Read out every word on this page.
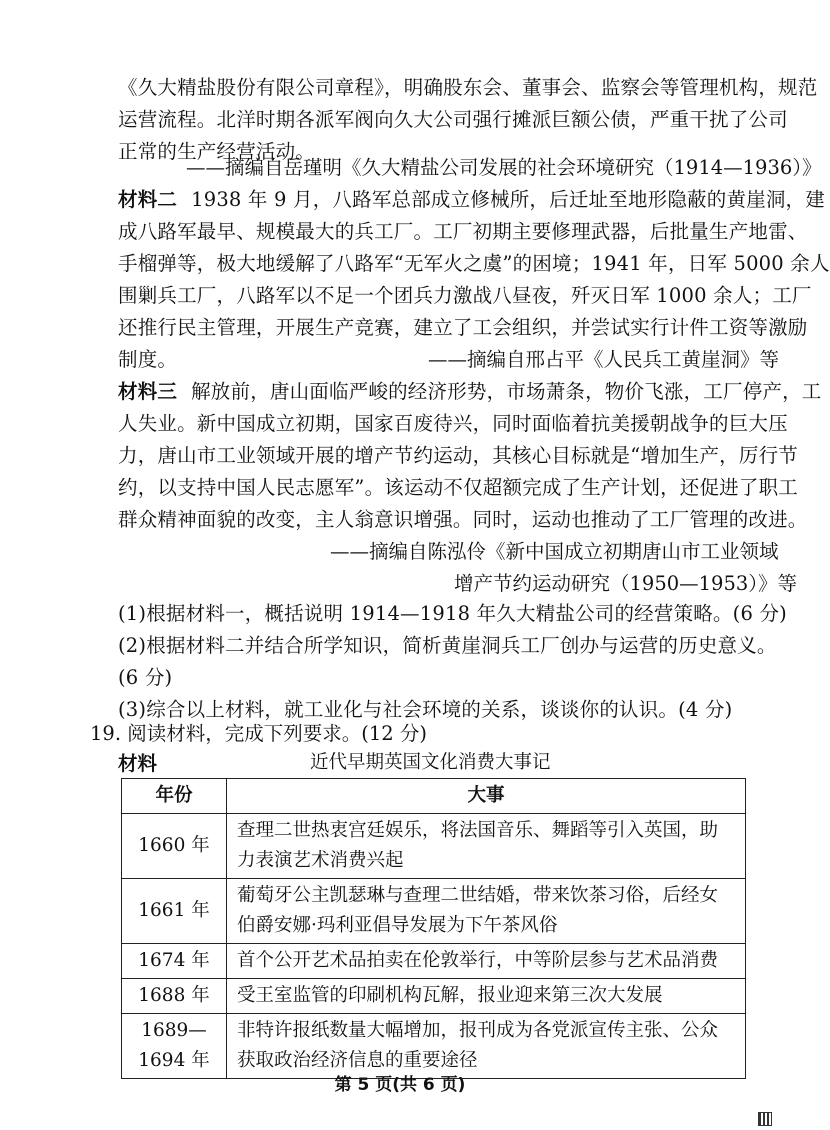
《久大精盐股份有限公司章程》，明确股东会、董事会、监察会等管理机构，规范
运营流程。北洋时期各派军阀向久大公司强行摊派巨额公债，严重干扰了公司
正常的生产经营活动。
——摘编自岳瑾明《久大精盐公司发展的社会环境研究（1914—1936）》
材料二 1938 年 9 月，八路军总部成立修械所，后迁址至地形隐蔽的黄崖洞，建
成八路军最早、规模最大的兵工厂。工厂初期主要修理武器，后批量生产地雷、
手榴弹等，极大地缓解了八路军“无军火之虞”的困境；1941 年，日军 5000 余人
围剿兵工厂，八路军以不足一个团兵力激战八昼夜，歼灭日军 1000 余人；工厂
还推行民主管理，开展生产竞赛，建立了工会组织，并尝试实行计件工资等激励
制度。	——摘编自邢占平《人民兵工黄崖洞》等
材料三 解放前，唐山面临严峻的经济形势，市场萧条，物价飞涨，工厂停产，工
人失业。新中国成立初期，国家百废待兴，同时面临着抗美援朝战争的巨大压
力，唐山市工业领域开展的增产节约运动，其核心目标就是“增加生产，厉行节
约，以支持中国人民志愿军”。该运动不仅超额完成了生产计划，还促进了职工
群众精神面貌的改变，主人翁意识增强。同时，运动也推动了工厂管理的改进。
——摘编自陈泓伶《新中国成立初期唐山市工业领域
增产节约运动研究（1950—1953）》等
(1)根据材料一，概括说明 1914—1918 年久大精盐公司的经营策略。(6 分)
(2)根据材料二并结合所学知识，简析黄崖洞兵工厂创办与运营的历史意义。
(6 分)
(3)综合以上材料，就工业化与社会环境的关系，谈谈你的认识。(4 分)
19. 阅读材料，完成下列要求。(12 分)
材料	近代早期英国文化消费大事记
年份	大事
1660 年	查理二世热衷宫廷娱乐，将法国音乐、舞蹈等引入英国，助力表演艺术消费兴起
1661 年	葡萄牙公主凯瑟琳与查理二世结婚，带来饮茶习俗，后经女伯爵安娜·玛利亚倡导发展为下午茶风俗
1674 年	首个公开艺术品拍卖在伦敦举行，中等阶层参与艺术品消费
1688 年	受王室监管的印刷机构瓦解，报业迎来第三次大发展
1689—1694 年	非特许报纸数量大幅增加，报刊成为各党派宣传主张、公众获取政治经济信息的重要途径
第 5 页(共 6 页)
